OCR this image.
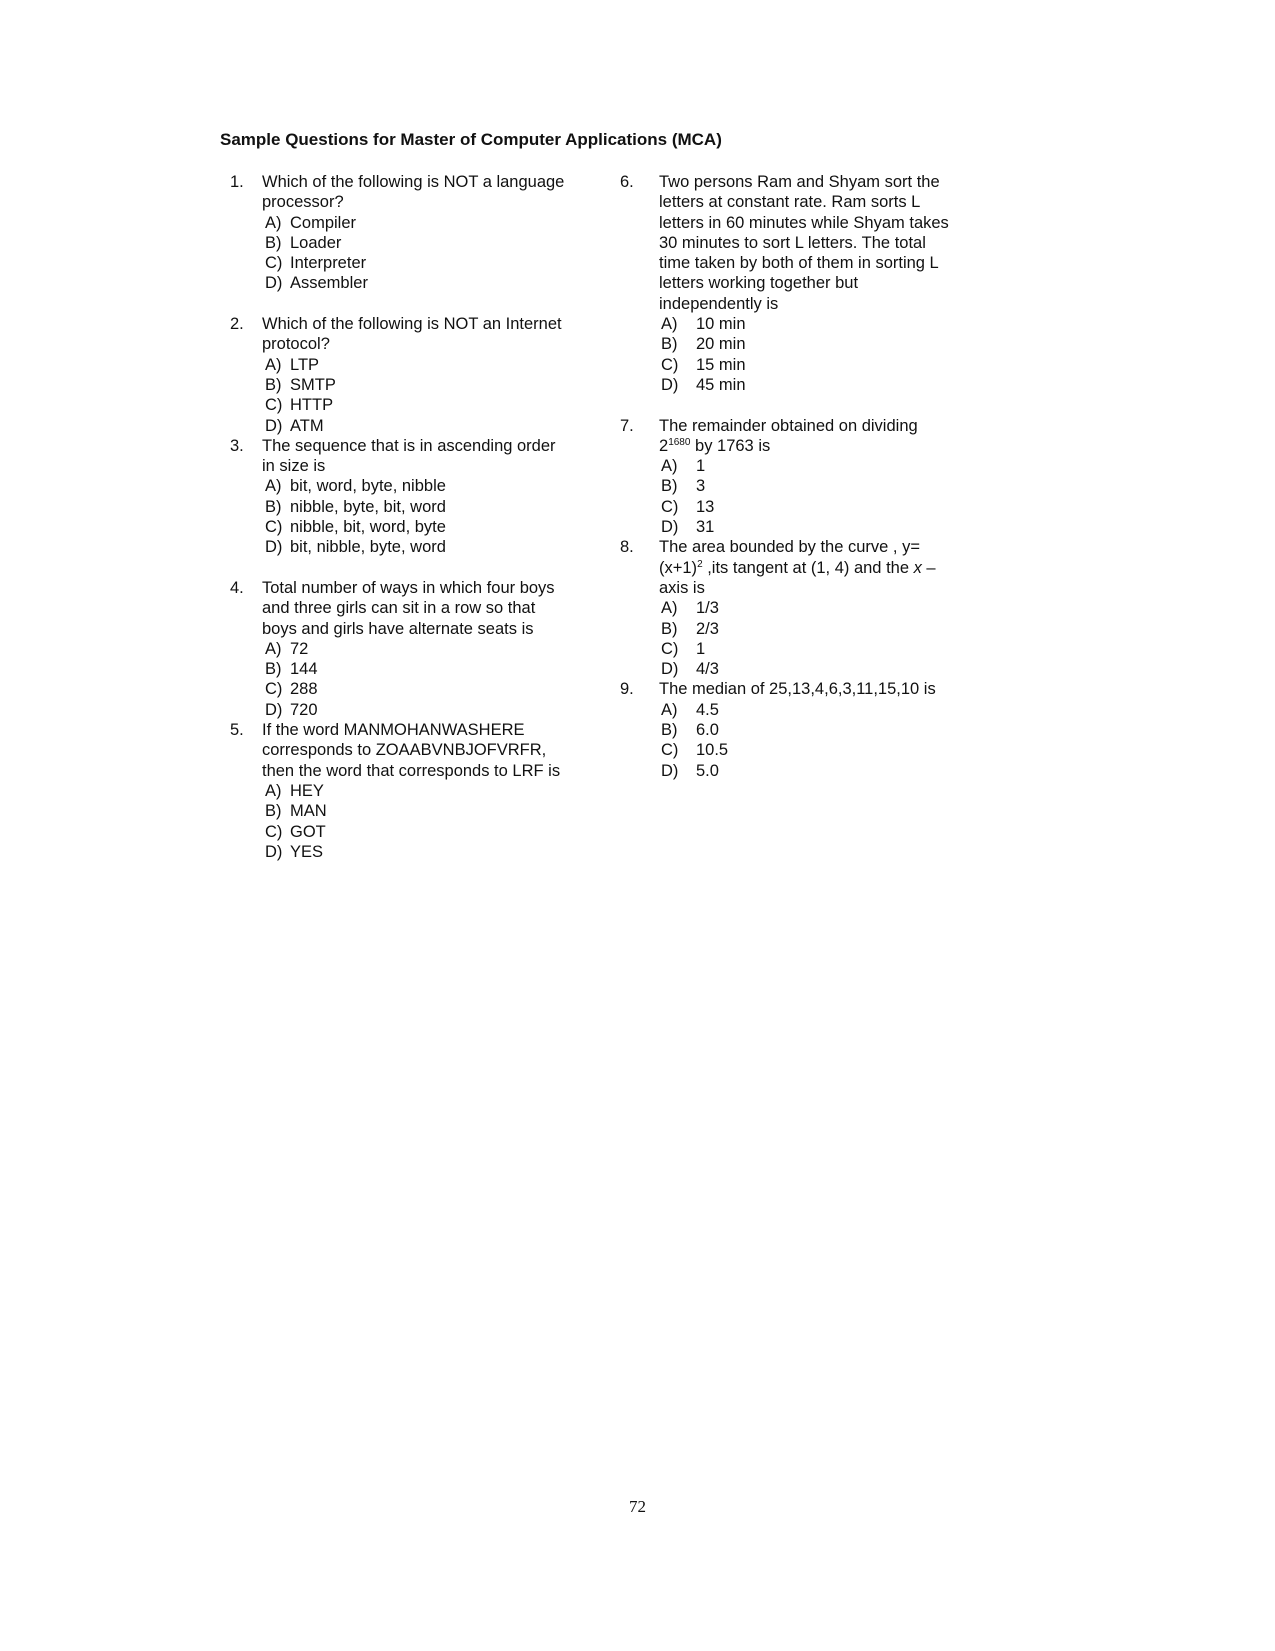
Sample Questions for Master of Computer Applications (MCA)
1.	Which of the following is NOT a language
processor?
A) Compiler
B) Loader
C) Interpreter
D) Assembler
2.	Which of the following is NOT an Internet
protocol?
A) LTP
B) SMTP
C) HTTP
D) ATM
3.	The sequence that is in ascending order
in size is
A) bit, word, byte, nibble
B) nibble, byte, bit, word
C) nibble, bit, word, byte
D) bit, nibble, byte, word
4.	Total number of ways in which four boys
and three girls can sit in a row so that
boys and girls have alternate seats is
A) 72
B) 144
C) 288
D) 720
5.	If the word MANMOHANWASHERE
corresponds to ZOAABVNBJOFVRFR,
then the word that corresponds to LRF is
A) HEY
B) MAN
C) GOT
D) YES
6.	Two persons Ram and Shyam sort the
letters at constant rate. Ram sorts L
letters in 60 minutes while Shyam takes
30 minutes to sort L letters. The total
time taken by both of them in sorting L
letters working together but
independently is
A)	10 min
B)	20 min
C)	15 min
D)	45 min
7.	The remainder obtained on dividing
$2^{1680}$ by 1763 is
A)	1
B)	3
C)	13
D)	31
8.	The area bounded by the curve , y=
$(x+1)^2$ ,its tangent at (1, 4) and the x –
axis is
A)	1/3
B)	2/3
C)	1
D)	4/3
9.	The median of 25,13,4,6,3,11,15,10 is
A)	4.5
B)	6.0
C)	10.5
D)	5.0
72
